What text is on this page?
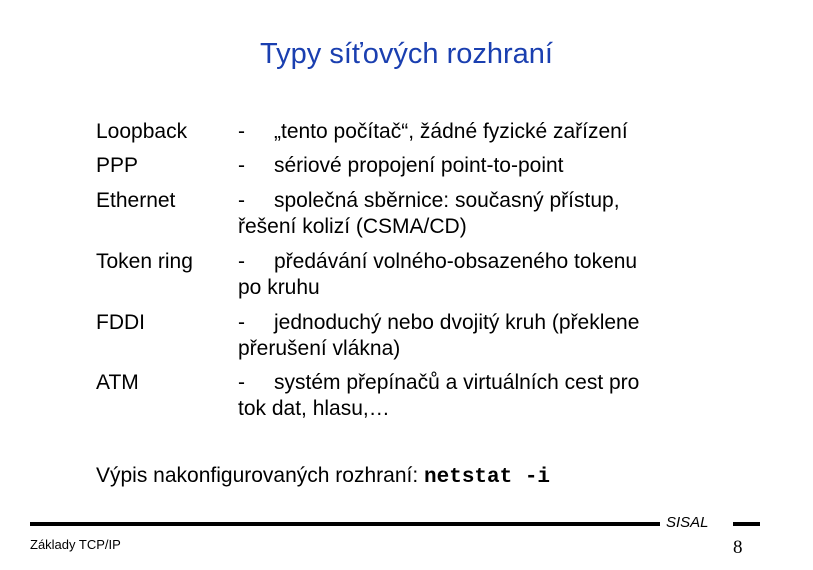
Typy síťových rozhraní
Loopback - „tento počítač“, žádné fyzické zařízení
PPP	- sériové propojení point-to-point
Ethernet	- společná sběrnice: současný přístup,
řešení kolizí (CSMA/CD)
Token ring - předávání volného-obsazeného tokenu
po kruhu
FDDI	- jednoduchý nebo dvojitý kruh (překlene
přerušení vlákna)
ATM	- systém přepínačů a virtuálních cest pro
tok dat, hlasu,…
Výpis nakonfigurovaných rozhraní: netstat -i
SISAL
Základy TCP/IP	8
